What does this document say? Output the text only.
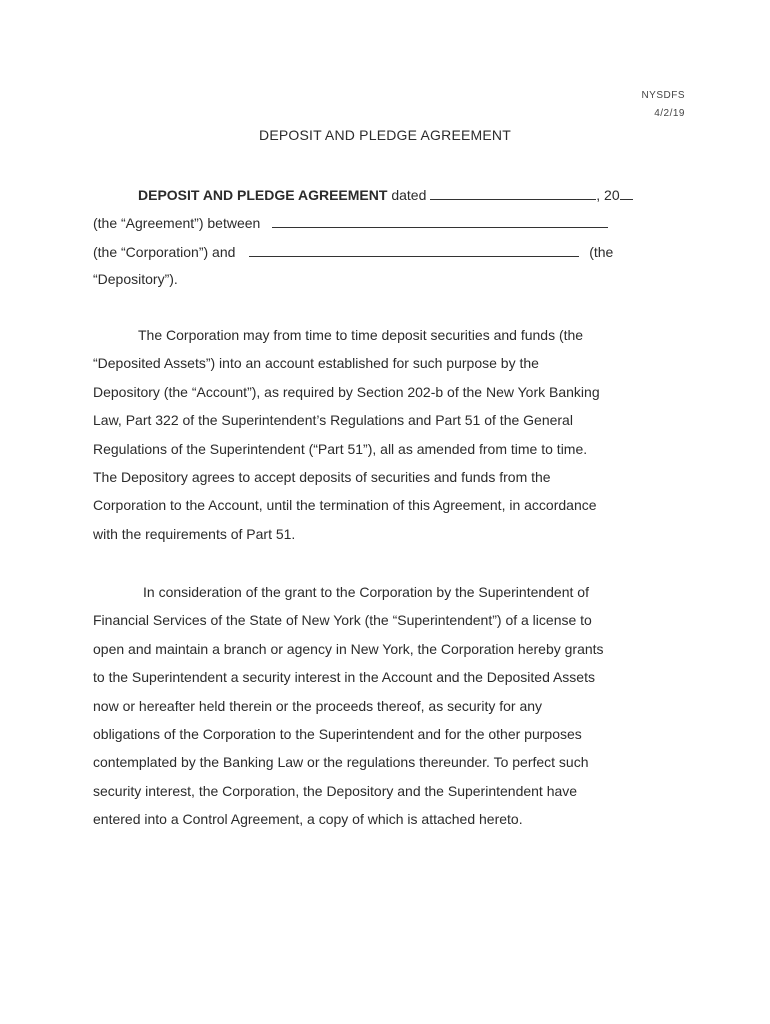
NYSDFS
4/2/19
DEPOSIT AND PLEDGE AGREEMENT
DEPOSIT AND PLEDGE AGREEMENT dated	, 20
(the “Agreement”) between
(the “Corporation”) and	(the
“Depository”).
The Corporation may from time to time deposit securities and funds (the
“Deposited Assets”) into an account established for such purpose by the
Depository (the “Account”), as required by Section 202-b of the New York Banking
Law, Part 322 of the Superintendent’s Regulations and Part 51 of the General
Regulations of the Superintendent (“Part 51”), all as amended from time to time.
The Depository agrees to accept deposits of securities and funds from the
Corporation to the Account, until the termination of this Agreement, in accordance
with the requirements of Part 51.
In consideration of the grant to the Corporation by the Superintendent of
Financial Services of the State of New York (the “Superintendent”) of a license to
open and maintain a branch or agency in New York, the Corporation hereby grants
to the Superintendent a security interest in the Account and the Deposited Assets
now or hereafter held therein or the proceeds thereof, as security for any
obligations of the Corporation to the Superintendent and for the other purposes
contemplated by the Banking Law or the regulations thereunder. To perfect such
security interest, the Corporation, the Depository and the Superintendent have
entered into a Control Agreement, a copy of which is attached hereto.
